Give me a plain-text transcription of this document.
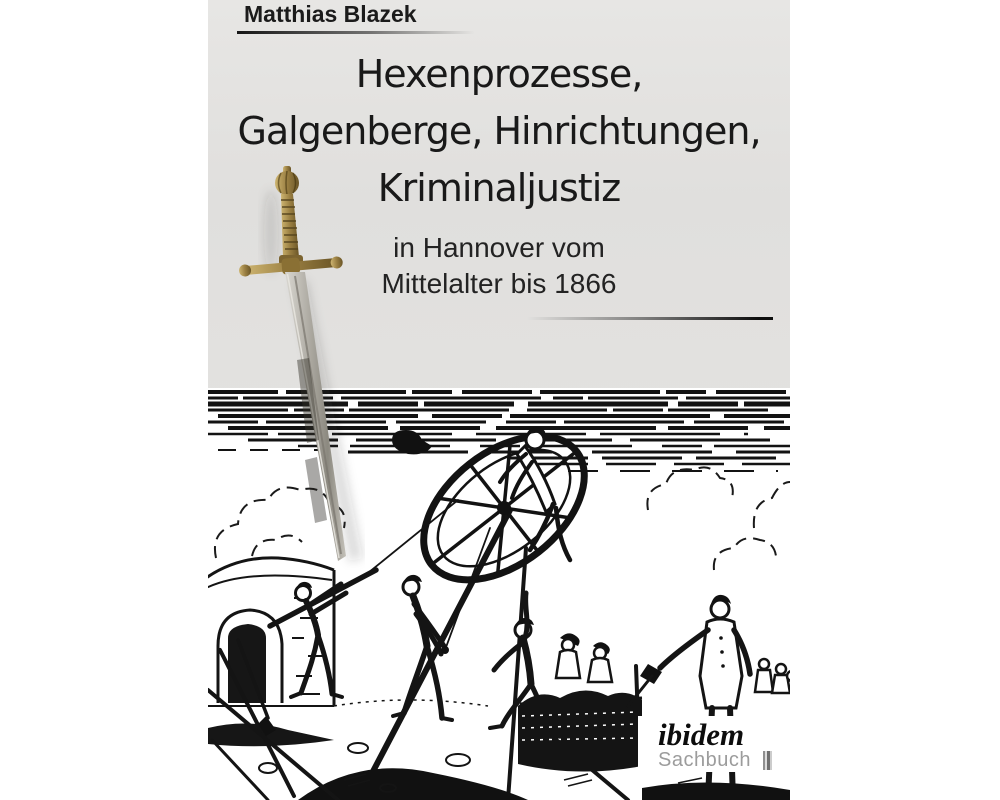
Matthias Blazek
Hexenprozesse,
Galgenberge, Hinrichtungen,
Kriminaljustiz
in Hannover vom
Mittelalter bis 1866
ibidem
Sachbuch
